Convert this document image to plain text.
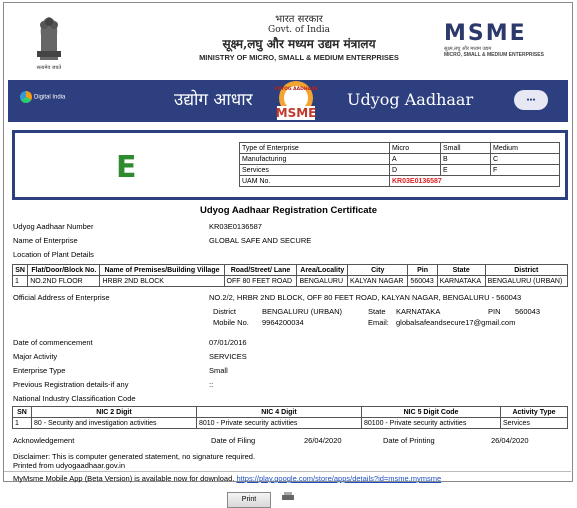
सत्यमेव जयते
भारत सरकार
Govt. of India
सूक्ष्म,लघु और मध्यम उद्यम मंत्रालय
MINISTRY OF MICRO, SMALL & MEDIUM ENTERPRISES
MSME
सूक्ष्म,लघु और मध्यम उद्यम
MICRO, SMALL & MEDIUM ENTERPRISES
Digital India	उद्योग आधार
UDYOG AADHAAR
MSME
Udyog Aadhaar	●●●
E
Type of Enterprise	Micro	Small	Medium
Manufacturing	A	B	C
Services	D	E	F
UAM No.	KR03E0136587		
Udyog Aadhaar Registration Certificate
Udyog Aadhaar Number	KR03E0136587
Name of Enterprise	GLOBAL SAFE AND SECURE
Location of Plant Details
SN	Flat/Door/Block No.	Name of Premises/Building Village	Road/Street/ Lane	Area/Locality	City	Pin	State	District
1	NO.2ND FLOOR	HRBR 2ND BLOCK	OFF 80 FEET ROAD	BENGALURU	KALYAN NAGAR	560043	KARNATAKA	BENGALURU (URBAN)
Official Address of Enterprise	NO.2/2, HRBR 2ND BLOCK, OFF 80 FEET ROAD, KALYAN NAGAR, BENGALURU - 560043
District	BENGALURU (URBAN)	State KARNATAKA	PIN 560043
Mobile No. 9964200034	Email: globalsafeandsecure17@gmail.com
Date of commencement	07/01/2016
Major Activity	SERVICES
Enterprise Type	Small
Previous Registration details-if any	::
National Industry Classification Code
SN	NIC 2 Digit	NIC 4 Digit	NIC 5 Digit Code	Activity Type
1	80 - Security and investigation activities	8010 - Private security activities	80100 - Private security activities	Services
Acknowledgement	Date of Filing	26/04/2020	Date of Printing	26/04/2020
Disclaimer: This is computer generated statement, no signature required.
Printed from udyogaadhaar.gov.in
MyMsme Mobile App (Beta Version) is available now for download. https://play.google.com/store/apps/details?id=msme.mymsme
Print
